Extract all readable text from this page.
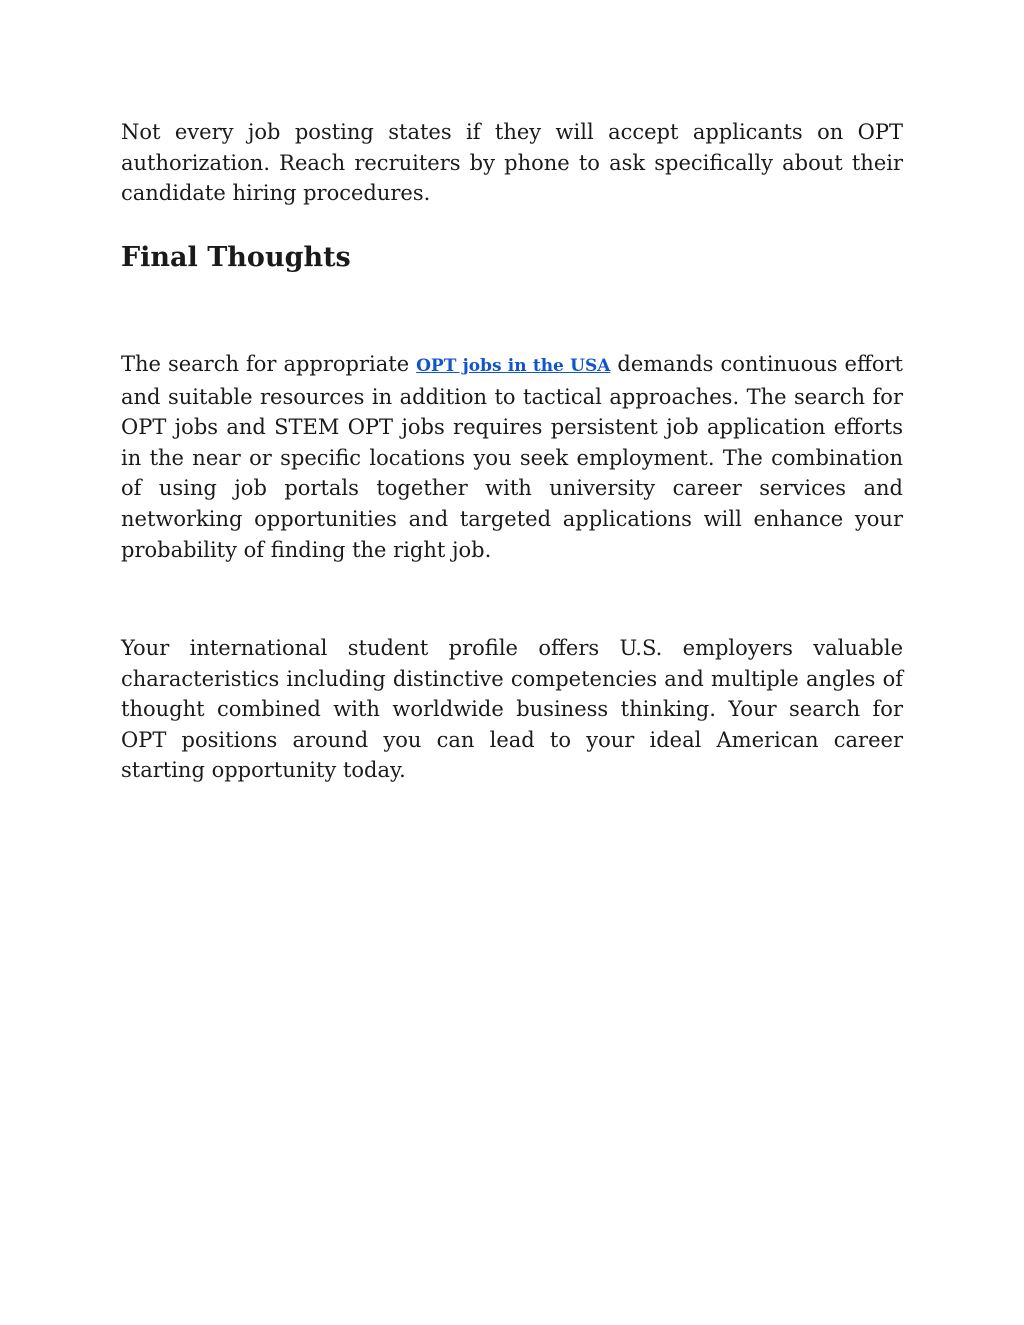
Not every job posting states if they will accept applicants on OPT authorization. Reach recruiters by phone to ask specifically about their candidate hiring procedures.

Final Thoughts

The search for appropriate OPT jobs in the USA demands continuous effort and suitable resources in addition to tactical approaches. The search for OPT jobs and STEM OPT jobs requires persistent job application efforts in the near or specific locations you seek employment. The combination of using job portals together with university career services and networking opportunities and targeted applications will enhance your probability of finding the right job.

Your international student profile offers U.S. employers valuable characteristics including distinctive competencies and multiple angles of thought combined with worldwide business thinking. Your search for OPT positions around you can lead to your ideal American career starting opportunity today.
